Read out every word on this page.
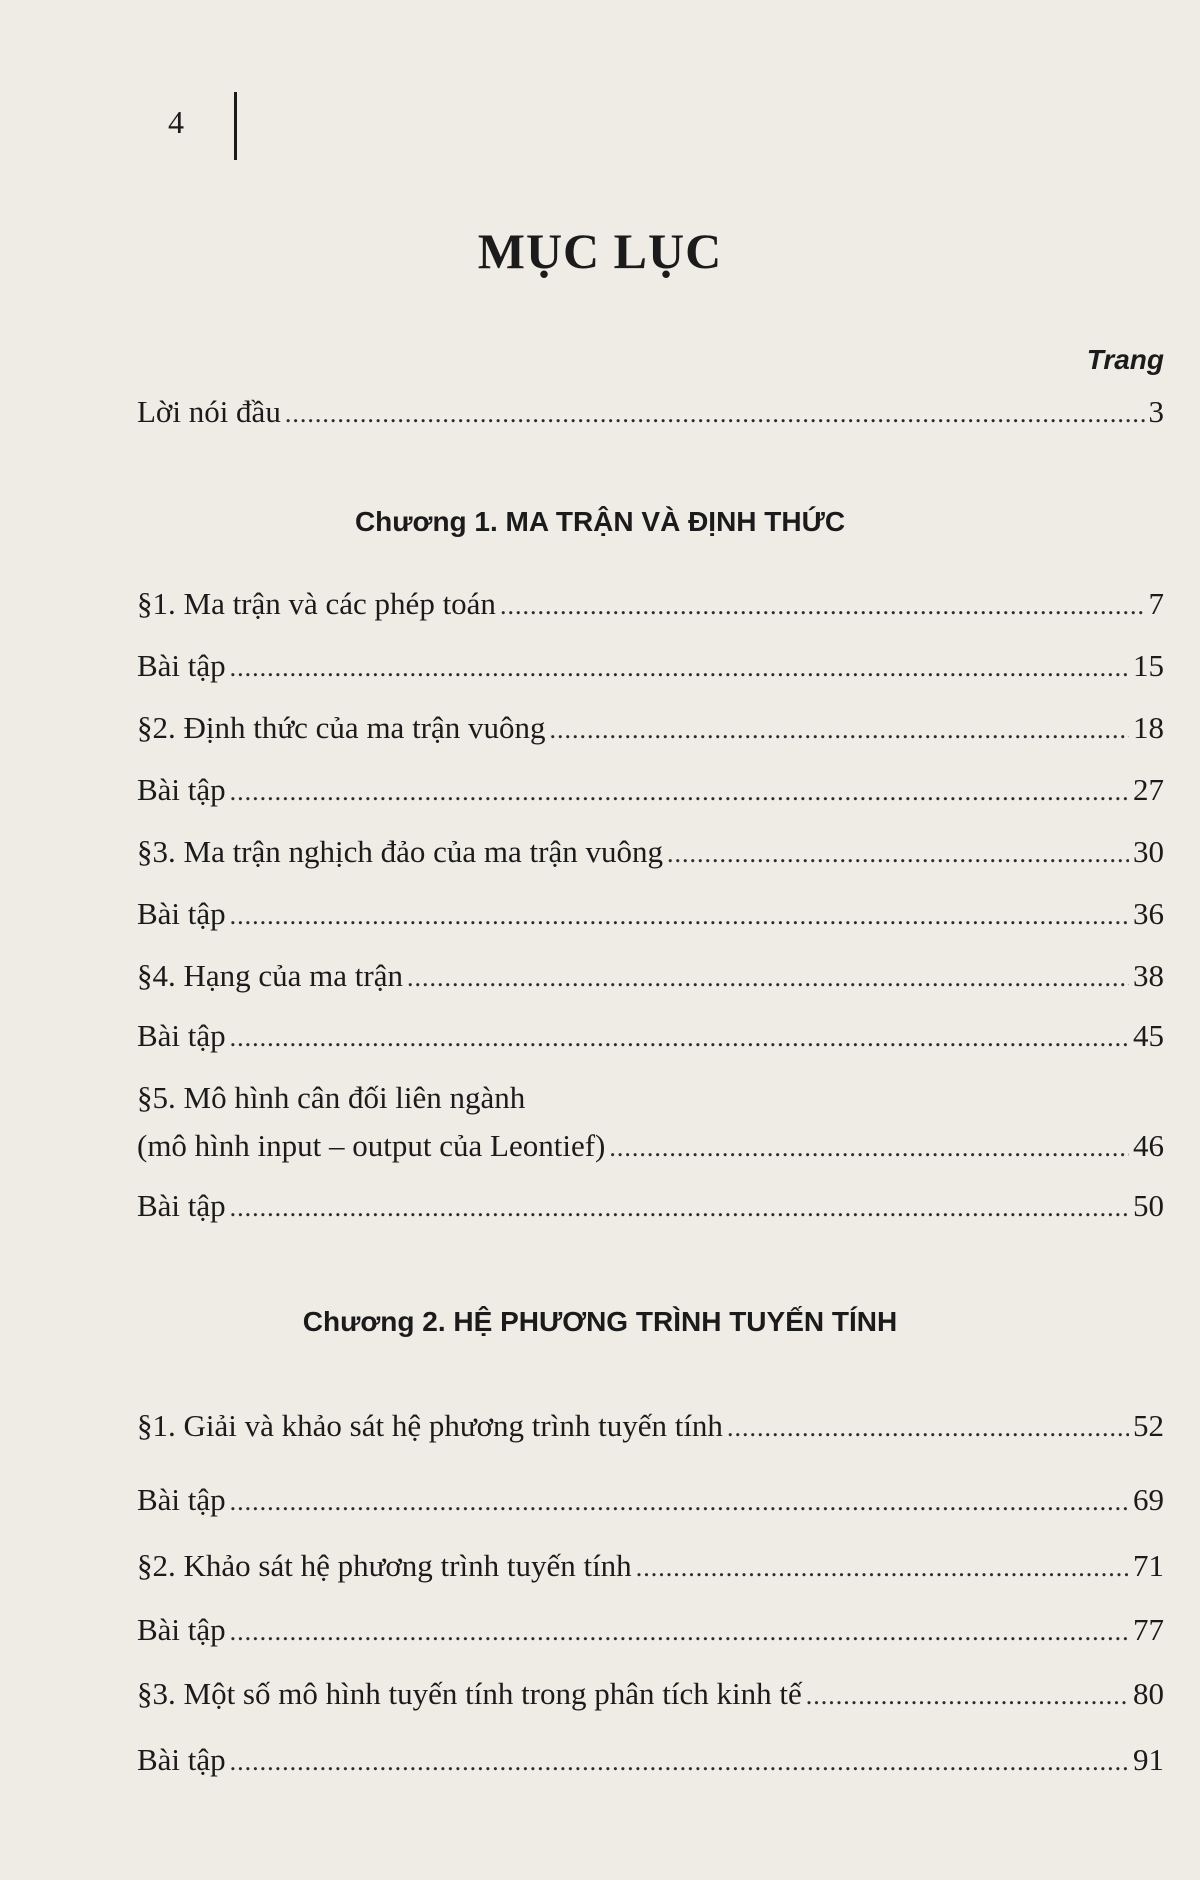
4
MỤC LỤC
Trang
Lời nói đầu .....	3
Chương 1. MA TRẬN VÀ ĐỊNH THỨC
§1. Ma trận và các phép toán .....	7
Bài tập .....	15
§2. Định thức của ma trận vuông .....	18
Bài tập .....	27
§3. Ma trận nghịch đảo của ma trận vuông .....	30
Bài tập .....	36
§4. Hạng của ma trận .....	38
Bài tập .....	45
§5. Mô hình cân đối liên ngành
(mô hình input – output của Leontief) .....	46
Bài tập .....	50
Chương 2. HỆ PHƯƠNG TRÌNH TUYẾN TÍNH
§1. Giải và khảo sát hệ phương trình tuyến tính .....	52
Bài tập .....	69
§2. Khảo sát hệ phương trình tuyến tính .....	71
Bài tập .....	77
§3. Một số mô hình tuyến tính trong phân tích kinh tế .....	80
Bài tập .....	91
